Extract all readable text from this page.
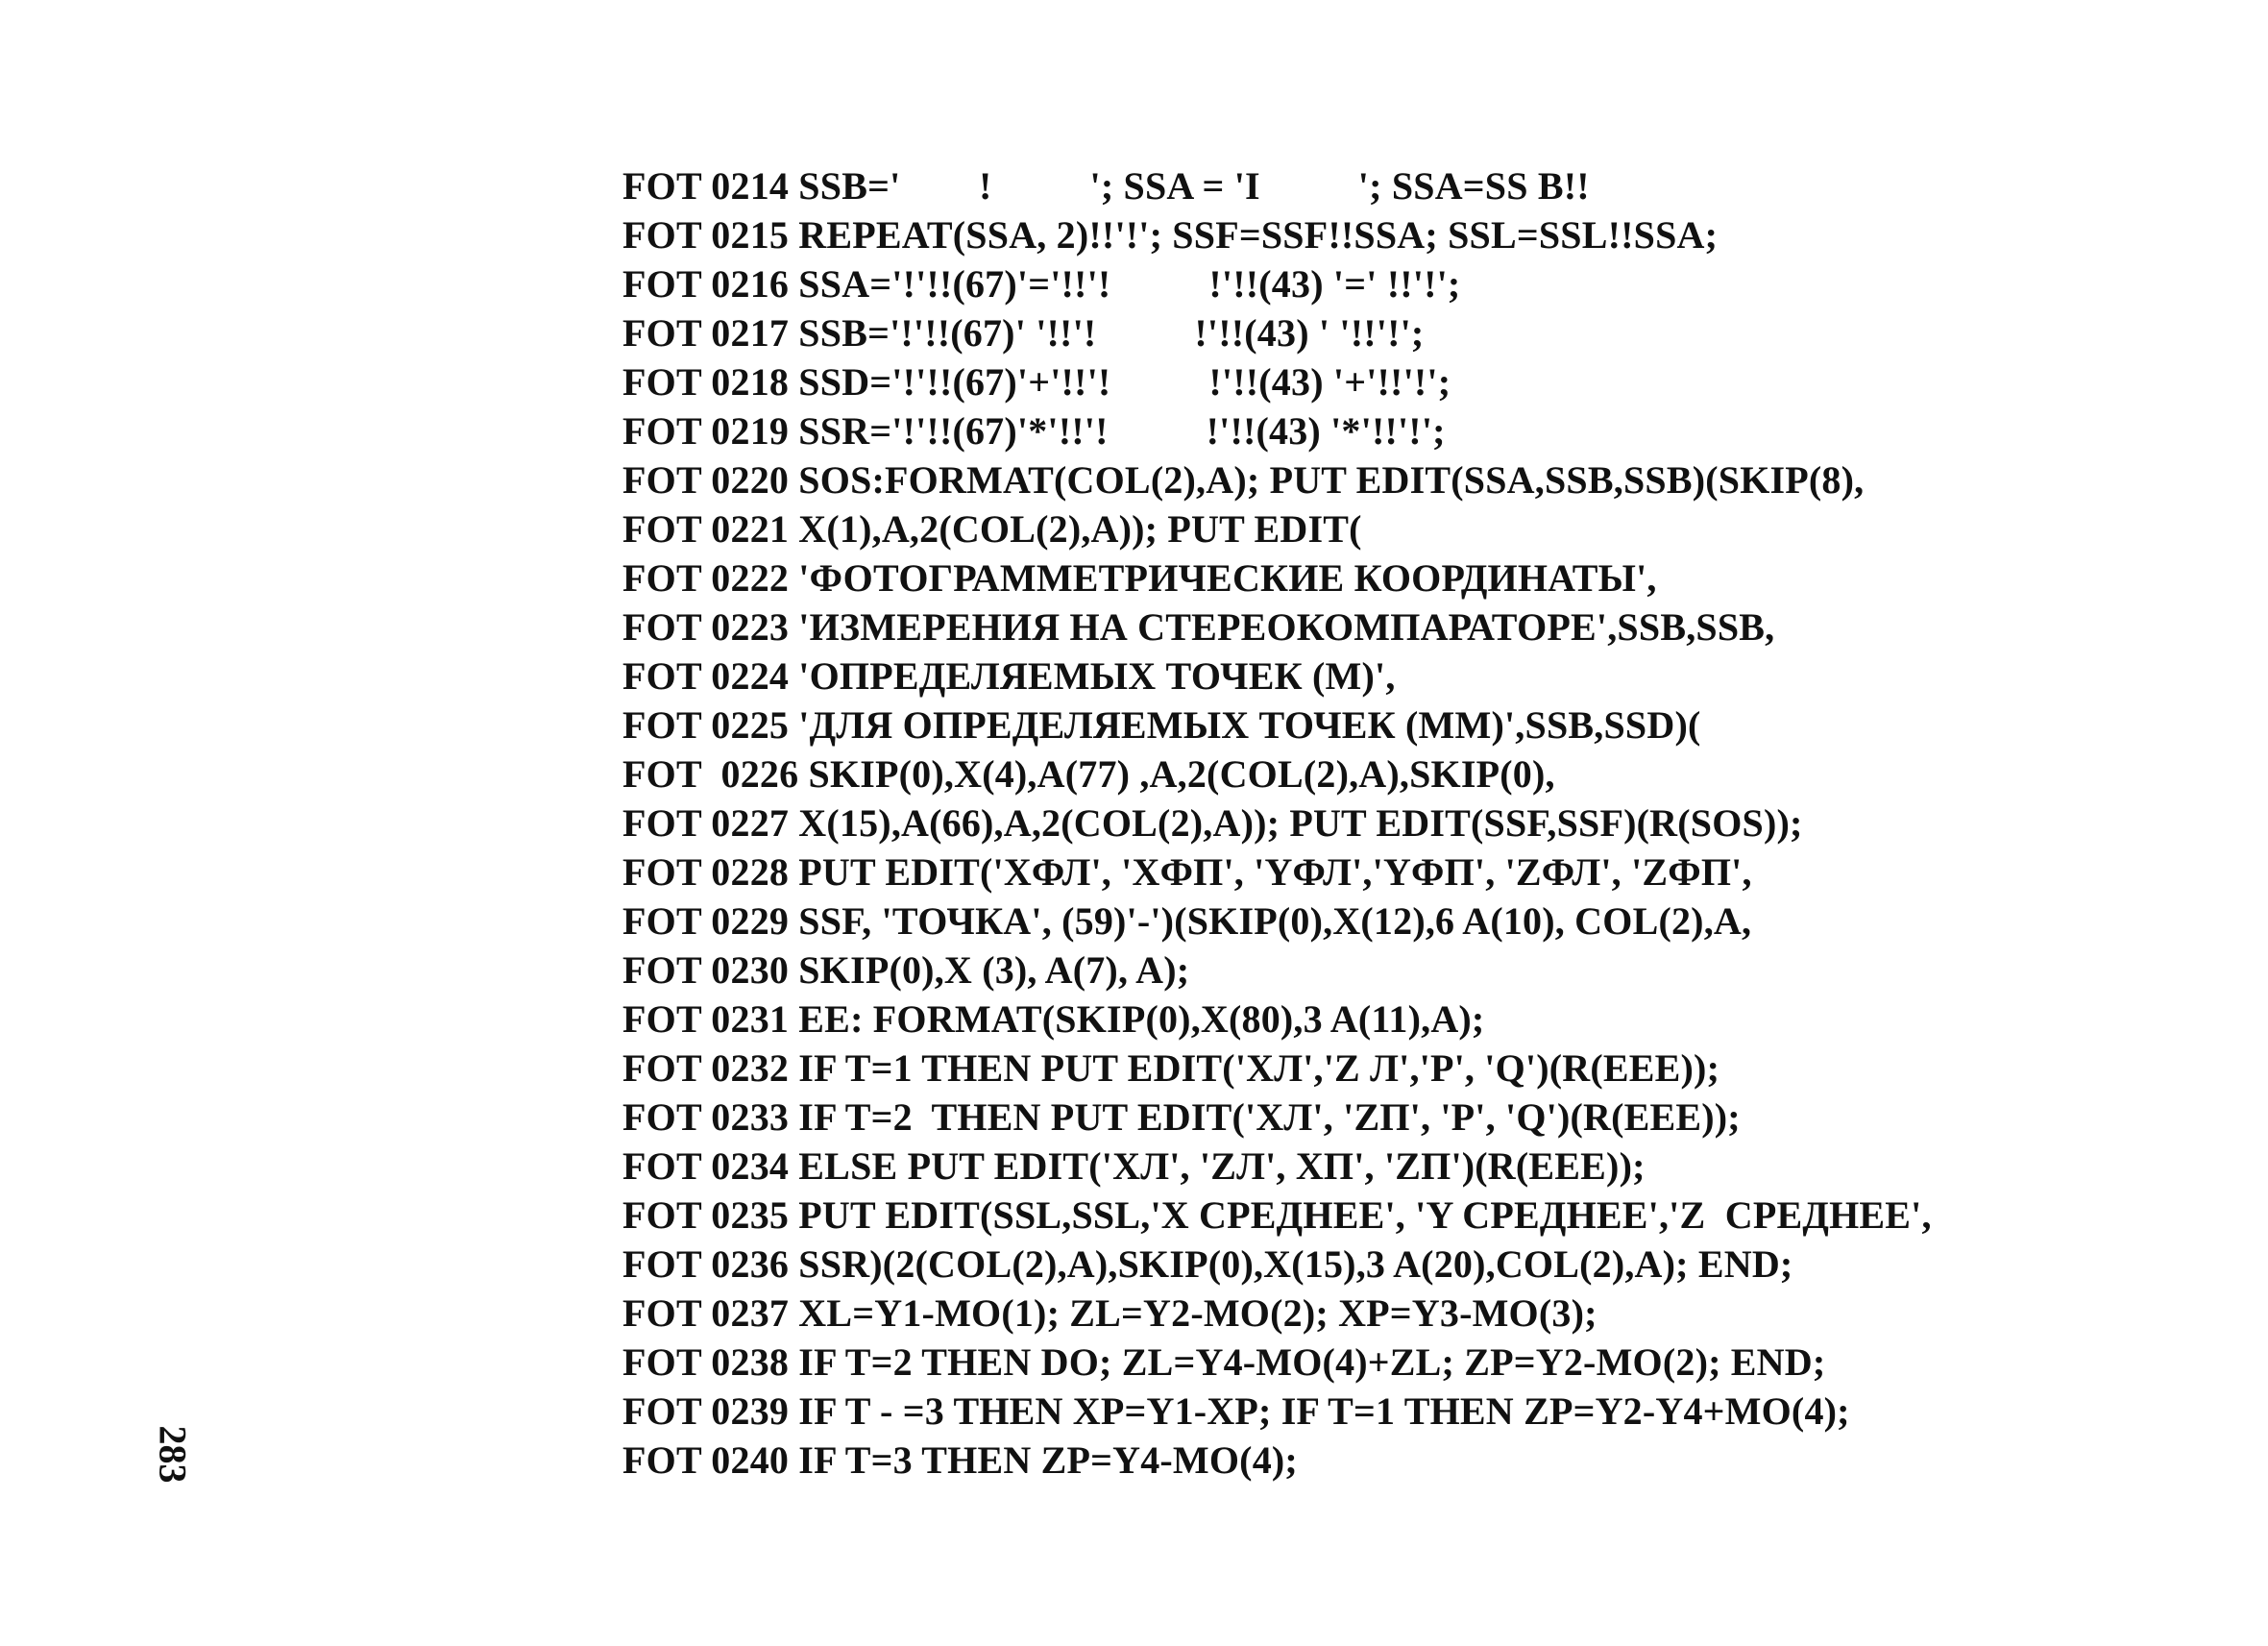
FOT 0214 SSB='        !          '; SSA = 'I          '; SSA=SS B!!
FOT 0215 REPEAT(SSA, 2)!!'!'; SSF=SSF!!SSA; SSL=SSL!!SSA;
FOT 0216 SSA='!'!!(67)'='!!'!          !'!!(43) '=' !!'!';
FOT 0217 SSB='!'!!(67)' '!!'!          !'!!(43) ' '!!'!';
FOT 0218 SSD='!'!!(67)'+'!!'!          !'!!(43) '+'!!'!';
FOT 0219 SSR='!'!!(67)'*'!!'!          !'!!(43) '*'!!'!';
FOT 0220 SOS:FORMAT(COL(2),A); PUT EDIT(SSA,SSB,SSB)(SKIP(8),
FOT 0221 X(1),A,2(COL(2),A)); PUT EDIT(
FOT 0222 'ФОТОГРАММЕТРИЧЕСКИЕ КООРДИНАТЫ',
FOT 0223 'ИЗМЕРЕНИЯ НА СТЕРЕОКОМПАРАТОРЕ',SSB,SSB,
FOT 0224 'ОПРЕДЕЛЯЕМЫХ ТОЧЕК (М)',
FOT 0225 'ДЛЯ ОПРЕДЕЛЯЕМЫХ ТОЧЕК (ММ)',SSB,SSD)(
FOT  0226 SKIP(0),X(4),A(77) ,A,2(COL(2),A),SKIP(0),
FOT 0227 X(15),A(66),A,2(COL(2),A)); PUT EDIT(SSF,SSF)(R(SOS));
FOT 0228 PUT EDIT('XФЛ', 'XФП', 'YФЛ','YФП', 'ZФЛ', 'ZФП',
FOT 0229 SSF, 'ТОЧКА', (59)'-')(SKIP(0),X(12),6 A(10), COL(2),A,
FOT 0230 SKIP(0),X (3), A(7), A);
FOT 0231 EE: FORMAT(SKIP(0),X(80),3 A(11),A);
FOT 0232 IF T=1 THEN PUT EDIT('XЛ','Z Л','P', 'Q')(R(EEE));
FOT 0233 IF T=2  THEN PUT EDIT('XЛ', 'ZП', 'P', 'Q')(R(EEE));
FOT 0234 ELSE PUT EDIT('XЛ', 'ZЛ', XП', 'ZП')(R(EEE));
FOT 0235 PUT EDIT(SSL,SSL,'X СРЕДНЕЕ', 'Y СРЕДНЕЕ','Z  СРЕДНЕЕ',
FOT 0236 SSR)(2(COL(2),A),SKIP(0),X(15),3 A(20),COL(2),A); END;
FOT 0237 XL=Y1-MO(1); ZL=Y2-MO(2); XP=Y3-MO(3);
FOT 0238 IF T=2 THEN DO; ZL=Y4-MO(4)+ZL; ZP=Y2-MO(2); END;
FOT 0239 IF T - =3 THEN XP=Y1-XP; IF T=1 THEN ZP=Y2-Y4+MO(4);
FOT 0240 IF T=3 THEN ZP=Y4-MO(4);
283
